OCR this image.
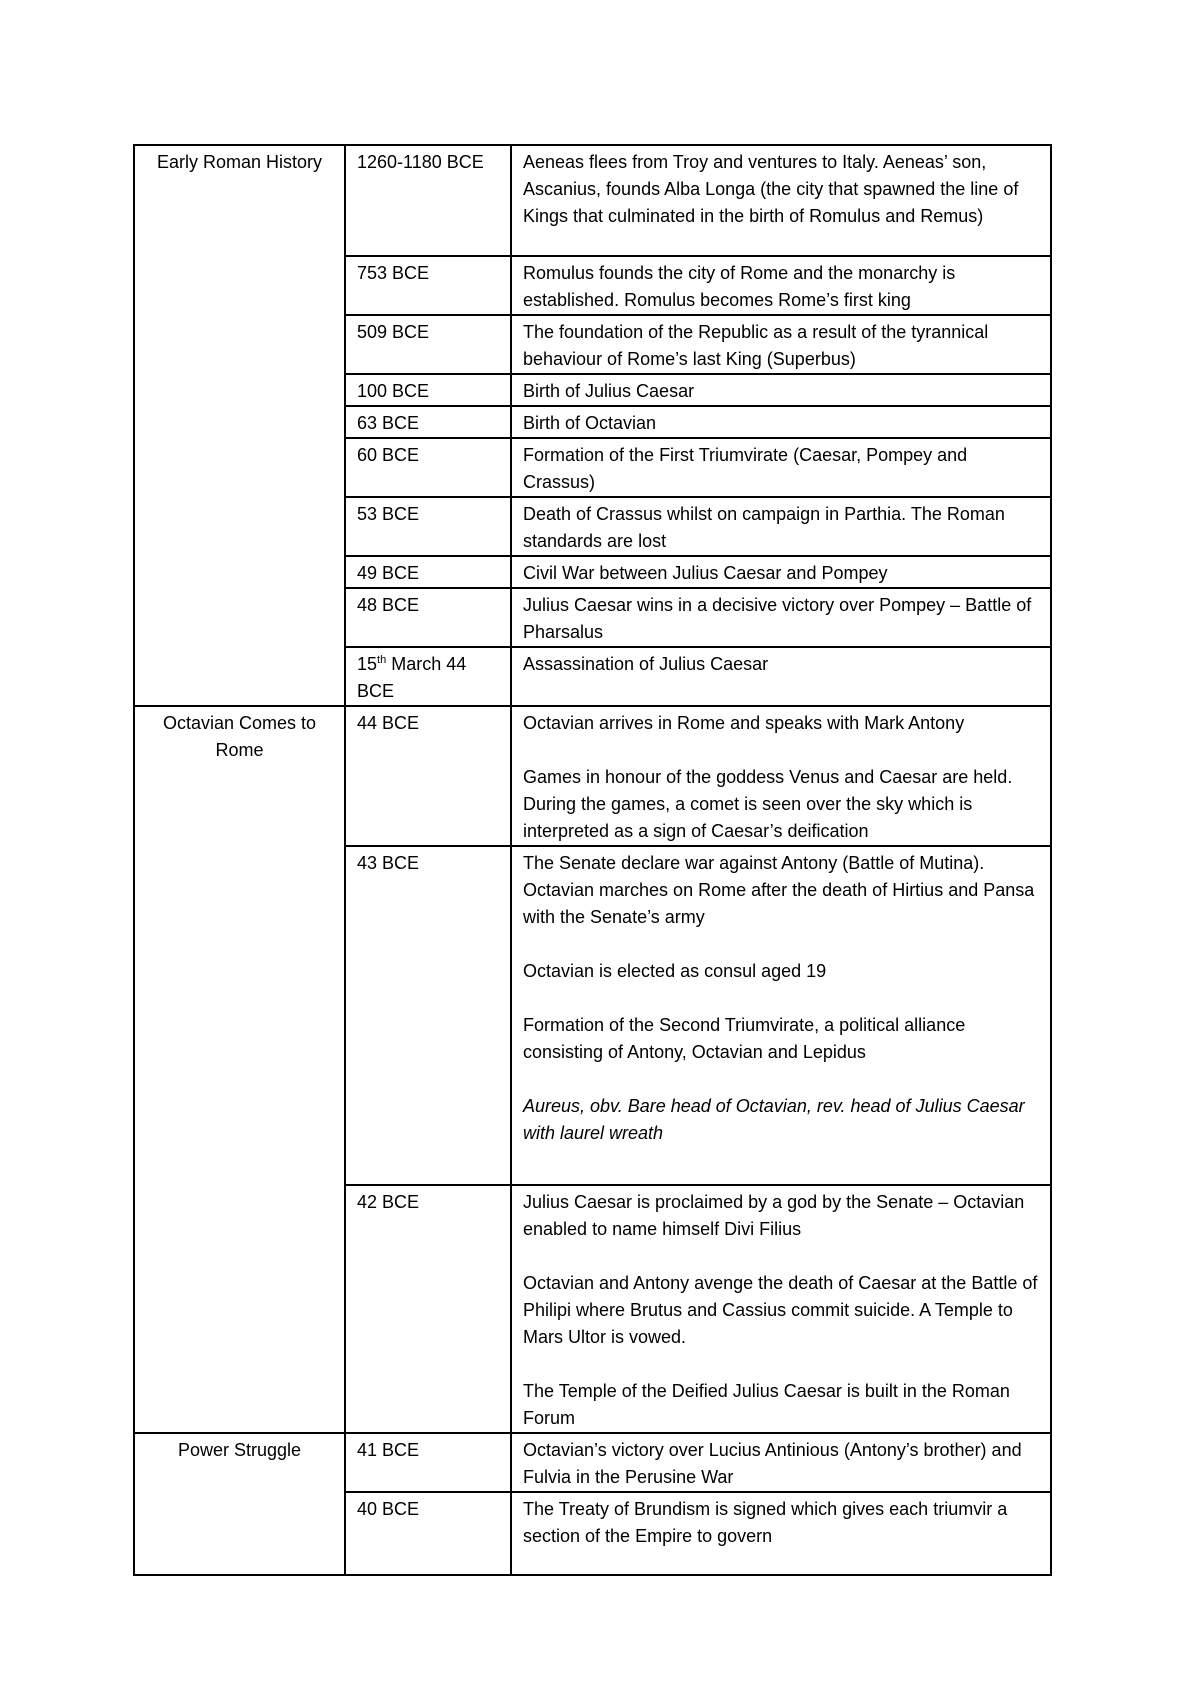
Early Roman History	1260-1180 BCE	Aeneas flees from Troy and ventures to Italy. Aeneas’ son, Ascanius, founds Alba Longa (the city that spawned the line of Kings that culminated in the birth of Romulus and Remus)

	753 BCE	Romulus founds the city of Rome and the monarchy is established. Romulus becomes Rome’s first king

	509 BCE	The foundation of the Republic as a result of the tyrannical behaviour of Rome’s last King (Superbus)

	100 BCE	Birth of Julius Caesar

	63 BCE	Birth of Octavian

	60 BCE	Formation of the First Triumvirate (Caesar, Pompey and Crassus)

	53 BCE	Death of Crassus whilst on campaign in Parthia. The Roman standards are lost

	49 BCE	Civil War between Julius Caesar and Pompey

	48 BCE	Julius Caesar wins in a decisive victory over Pompey – Battle of Pharsalus

	15th March 44 BCE	Assassination of Julius Caesar

Octavian Comes to Rome	44 BCE	Octavian arrives in Rome and speaks with Mark Antony

Games in honour of the goddess Venus and Caesar are held. During the games, a comet is seen over the sky which is interpreted as a sign of Caesar’s deification

	43 BCE	The Senate declare war against Antony (Battle of Mutina). Octavian marches on Rome after the death of Hirtius and Pansa with the Senate’s army

Octavian is elected as consul aged 19

Formation of the Second Triumvirate, a political alliance consisting of Antony, Octavian and Lepidus

Aureus, obv. Bare head of Octavian, rev. head of Julius Caesar with laurel wreath

	42 BCE	Julius Caesar is proclaimed by a god by the Senate – Octavian enabled to name himself Divi Filius

Octavian and Antony avenge the death of Caesar at the Battle of Philipi where Brutus and Cassius commit suicide. A Temple to Mars Ultor is vowed.

The Temple of the Deified Julius Caesar is built in the Roman Forum

Power Struggle	41 BCE	Octavian’s victory over Lucius Antinious (Antony’s brother) and Fulvia in the Perusine War

	40 BCE	The Treaty of Brundism is signed which gives each triumvir a section of the Empire to govern
